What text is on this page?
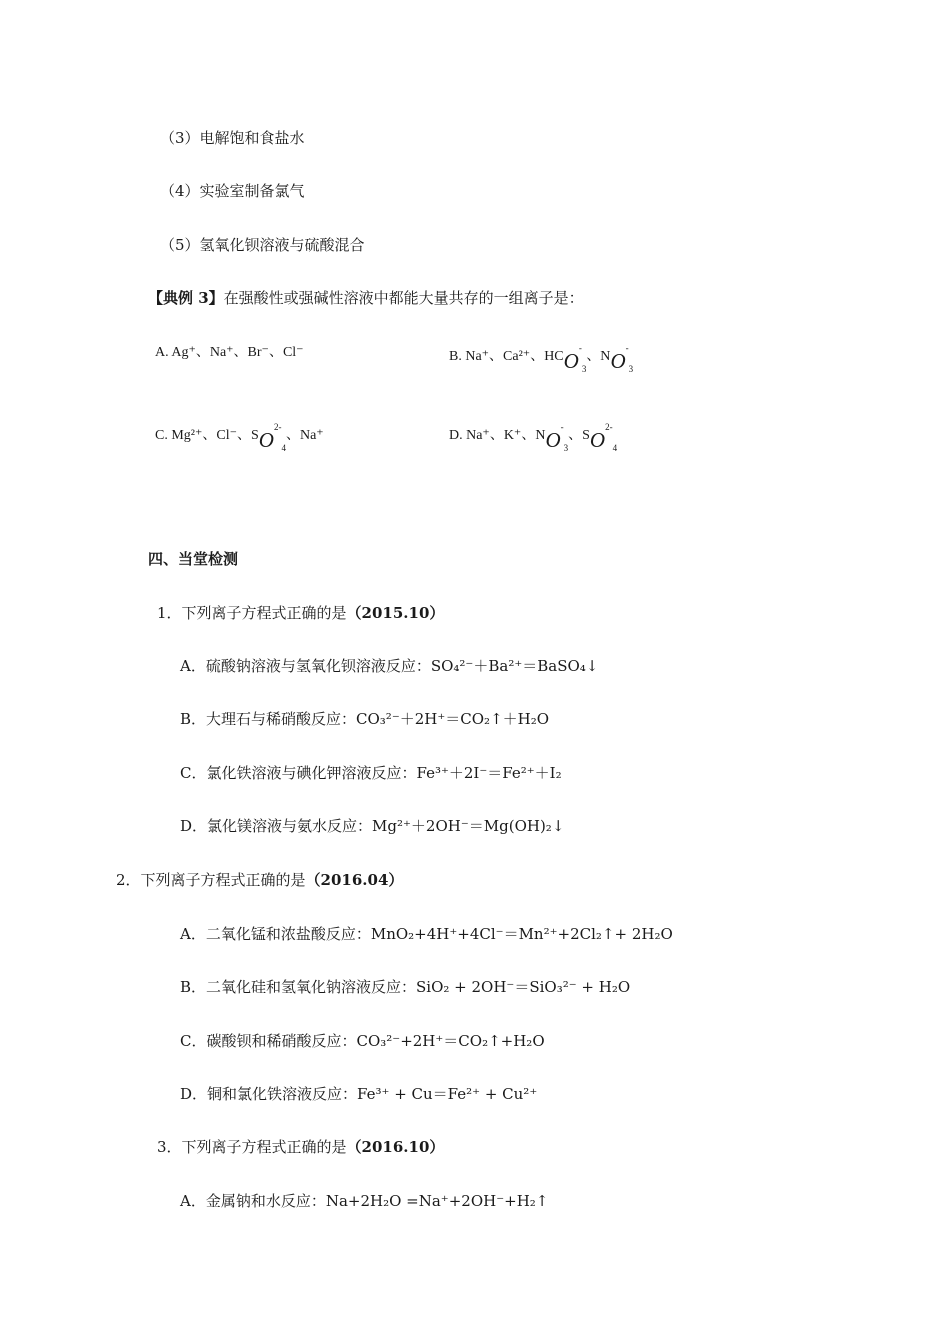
（3）电解饱和食盐水
（4）实验室制备氯气
（5）氢氧化钡溶液与硫酸混合
【典例 3】在强酸性或强碱性溶液中都能大量共存的一组离子是：
A. Ag⁺、Na⁺、Br⁻、Cl⁻	B. Na⁺、Ca²⁺、$HCO^-_3$、$NO^-_3$
C. Mg²⁺、Cl⁻、$SO^{2-}_4$、Na⁺	D. Na⁺、K⁺、$NO^-_3$、$SO^{2-}_4$
四、当堂检测
1．下列离子方程式正确的是（2015.10）
A．硫酸钠溶液与氢氧化钡溶液反应：SO₄²⁻＋Ba²⁺＝BaSO₄↓
B．大理石与稀硝酸反应：CO₃²⁻＋2H⁺＝CO₂↑＋H₂O
C．氯化铁溶液与碘化钾溶液反应：Fe³⁺＋2I⁻＝Fe²⁺＋I₂
D．氯化镁溶液与氨水反应：Mg²⁺＋2OH⁻＝Mg(OH)₂↓
2．下列离子方程式正确的是（2016.04）
A．二氧化锰和浓盐酸反应：MnO₂+4H⁺+4Cl⁻＝Mn²⁺+2Cl₂↑+ 2H₂O
B．二氧化硅和氢氧化钠溶液反应：SiO₂ + 2OH⁻＝SiO₃²⁻ + H₂O
C．碳酸钡和稀硝酸反应：CO₃²⁻+2H⁺＝CO₂↑+H₂O
D．铜和氯化铁溶液反应：Fe³⁺ + Cu＝Fe²⁺ + Cu²⁺
3．下列离子方程式正确的是（2016.10）
A．金属钠和水反应：Na+2H₂O =Na⁺+2OH⁻+H₂↑
